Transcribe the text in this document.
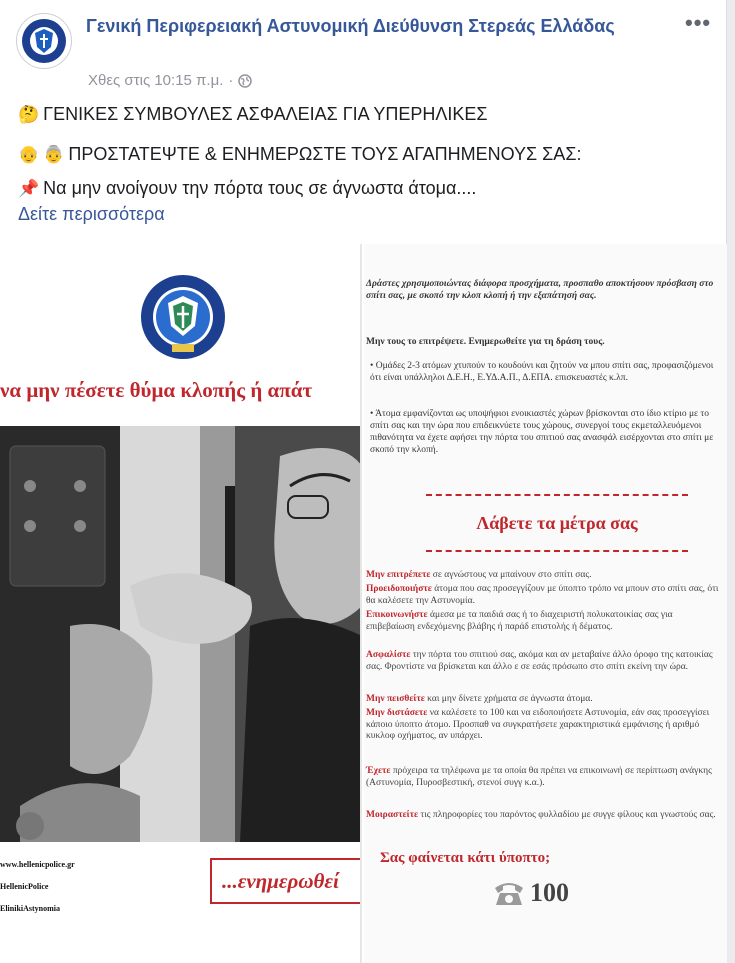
Γενική Περιφερειακή Αστυνομική Διεύθυνση Στερεάς Ελλάδας
Χθες στις 10:15 π.μ. ·
•••
🤔 ΓΕΝΙΚΕΣ ΣΥΜΒΟΥΛΕΣ ΑΣΦΑΛΕΙΑΣ ΓΙΑ ΥΠΕΡΗΛΙΚΕΣ
👴 👵 ΠΡΟΣΤΑΤΕΨΤΕ & ΕΝΗΜΕΡΩΣΤΕ ΤΟΥΣ ΑΓΑΠΗΜΕΝΟΥΣ ΣΑΣ:
📌 Να μην ανοίγουν την πόρτα τους σε άγνωστα άτομα....
Δείτε περισσότερα
να μην πέσετε θύμα κλοπής ή απάτ
www.hellenicpolice.gr
HellenicPolice
ElinikiAstynomia
...ενημερωθεί
Δράστες χρησιμοποιώντας διάφορα προσχήματα, προσπαθο αποκτήσουν πρόσβαση στο σπίτι σας, με σκοπό την κλοπ κλοπή ή την εξαπάτησή σας.
Μην τους το επιτρέψετε. Ενημερωθείτε για τη δράση τους.
• Ομάδες 2-3 ατόμων χτυπούν το κουδούνι και ζητούν να μπου σπίτι σας, προφασιζόμενοι ότι είναι υπάλληλοι Δ.Ε.Η., Ε.ΥΔ.Α.Π., Δ.ΕΠΑ. επισκευαστές κ.λπ.
• Άτομα εμφανίζονται ως υποψήφιοι ενοικιαστές χώρων βρίσκονται στο ίδιο κτίριο με το σπίτι σας και την ώρα που επιδεικνύετε τους χώρους, συνεργοί τους εκμεταλλευόμενοι πιθανότητα να έχετε αφήσει την πόρτα του σπιτιού σας ανασφάλ εισέρχονται στο σπίτι με σκοπό την κλοπή.
Λάβετε τα μέτρα σας
Μην επιτρέπετε σε αγνώστους να μπαίνουν στο σπίτι σας.
Προειδοποιήστε άτομα που σας προσεγγίζουν με ύποπτο τρόπο να μπουν στο σπίτι σας, ότι θα καλέσετε την Αστυνομία.
Επικοινωνήστε άμεσα με τα παιδιά σας ή το διαχειριστή πολυκατοικίας σας για επιβεβαίωση ενδεχόμενης βλάβης ή παράδ επιστολής ή δέματος.
Ασφαλίστε την πόρτα του σπιτιού σας, ακόμα και αν μεταβαίνε άλλο όροφο της κατοικίας σας. Φροντίστε να βρίσκεται και άλλο ε σε εσάς πρόσωπο στο σπίτι εκείνη την ώρα.
Μην πεισθείτε και μην δίνετε χρήματα σε άγνωστα άτομα.
Μην διστάσετε να καλέσετε το 100 και να ειδοποιήσετε Αστυνομία, εάν σας προσεγγίσει κάποιο ύποπτο άτομο. Προσπαθ να συγκρατήσετε χαρακτηριστικά εμφάνισης ή αριθμό κυκλοφ οχήματος, αν υπάρχει.
Έχετε πρόχειρα τα τηλέφωνα με τα οποία θα πρέπει να επικοινωνή σε περίπτωση ανάγκης (Αστυνομία, Πυροσβεστική, στενοί συγγ κ.α.).
Μοιραστείτε τις πληροφορίες του παρόντος φυλλαδίου με συγγε φίλους και γνωστούς σας.
Σας φαίνεται κάτι ύποπτο;
100
